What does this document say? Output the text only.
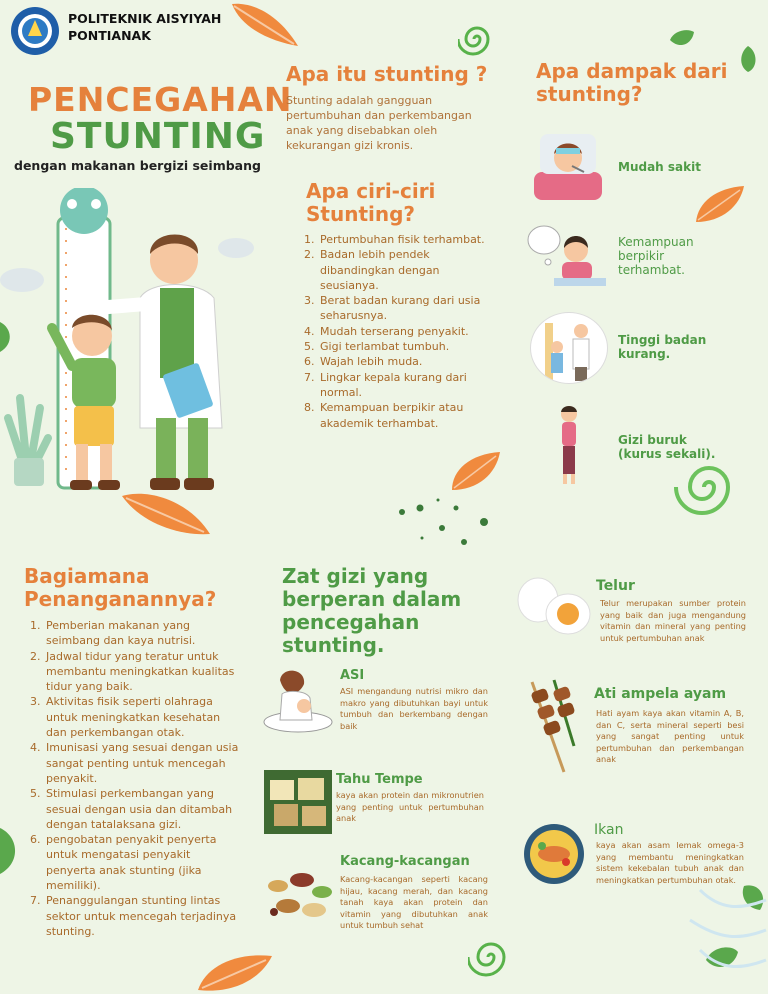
POLITEKNIK AISYIYAH
PONTIANAK
PENCEGAHAN
STUNTING
dengan makanan bergizi seimbang
Apa itu stunting ?
Stunting adalah gangguan pertumbuhan dan perkembangan anak yang disebabkan oleh kekurangan gizi kronis.
Apa ciri-ciri
Stunting?
1. Pertumbuhan fisik terhambat.
2. Badan lebih pendek dibandingkan dengan seusianya.
3. Berat badan kurang dari usia seharusnya.
4. Mudah terserang penyakit.
5. Gigi terlambat tumbuh.
6. Wajah lebih muda.
7. Lingkar kepala kurang dari normal.
8. Kemampuan berpikir atau akademik terhambat.
Apa dampak dari
stunting?
Mudah sakit
Kemampuan
berpikir
terhambat.
Tinggi badan
kurang.
Gizi buruk
(kurus sekali).
Bagiamana
Penanganannya?
1. Pemberian makanan yang seimbang dan kaya nutrisi.
2. Jadwal tidur yang teratur untuk membantu meningkatkan kualitas tidur yang baik.
3. Aktivitas fisik seperti olahraga untuk meningkatkan kesehatan dan perkembangan otak.
4. Imunisasi yang sesuai dengan usia sangat penting untuk mencegah penyakit.
5. Stimulasi perkembangan yang sesuai dengan usia dan ditambah dengan tatalaksana gizi.
6. pengobatan penyakit penyerta untuk mengatasi penyakit penyerta anak stunting (jika memiliki).
7. Penanggulangan stunting lintas sektor untuk mencegah terjadinya stunting.
Zat gizi yang
berperan dalam
pencegahan
stunting.
ASI
ASI mengandung nutrisi mikro dan makro yang dibutuhkan bayi untuk tumbuh dan berkembang dengan baik
Tahu Tempe
kaya akan protein dan mikronutrien yang penting untuk pertumbuhan anak
Kacang-kacangan
Kacang-kacangan seperti kacang hijau, kacang merah, dan kacang tanah kaya akan protein dan vitamin yang dibutuhkan anak untuk tumbuh sehat
Telur
Telur merupakan sumber protein yang baik dan juga mengandung vitamin dan mineral yang penting untuk pertumbuhan anak
Ati ampela ayam
Hati ayam kaya akan vitamin A, B, dan C, serta mineral seperti besi yang sangat penting untuk pertumbuhan dan perkembangan anak
Ikan
kaya akan asam lemak omega-3 yang membantu meningkatkan sistem kekebalan tubuh anak dan meningkatkan pertumbuhan otak.
